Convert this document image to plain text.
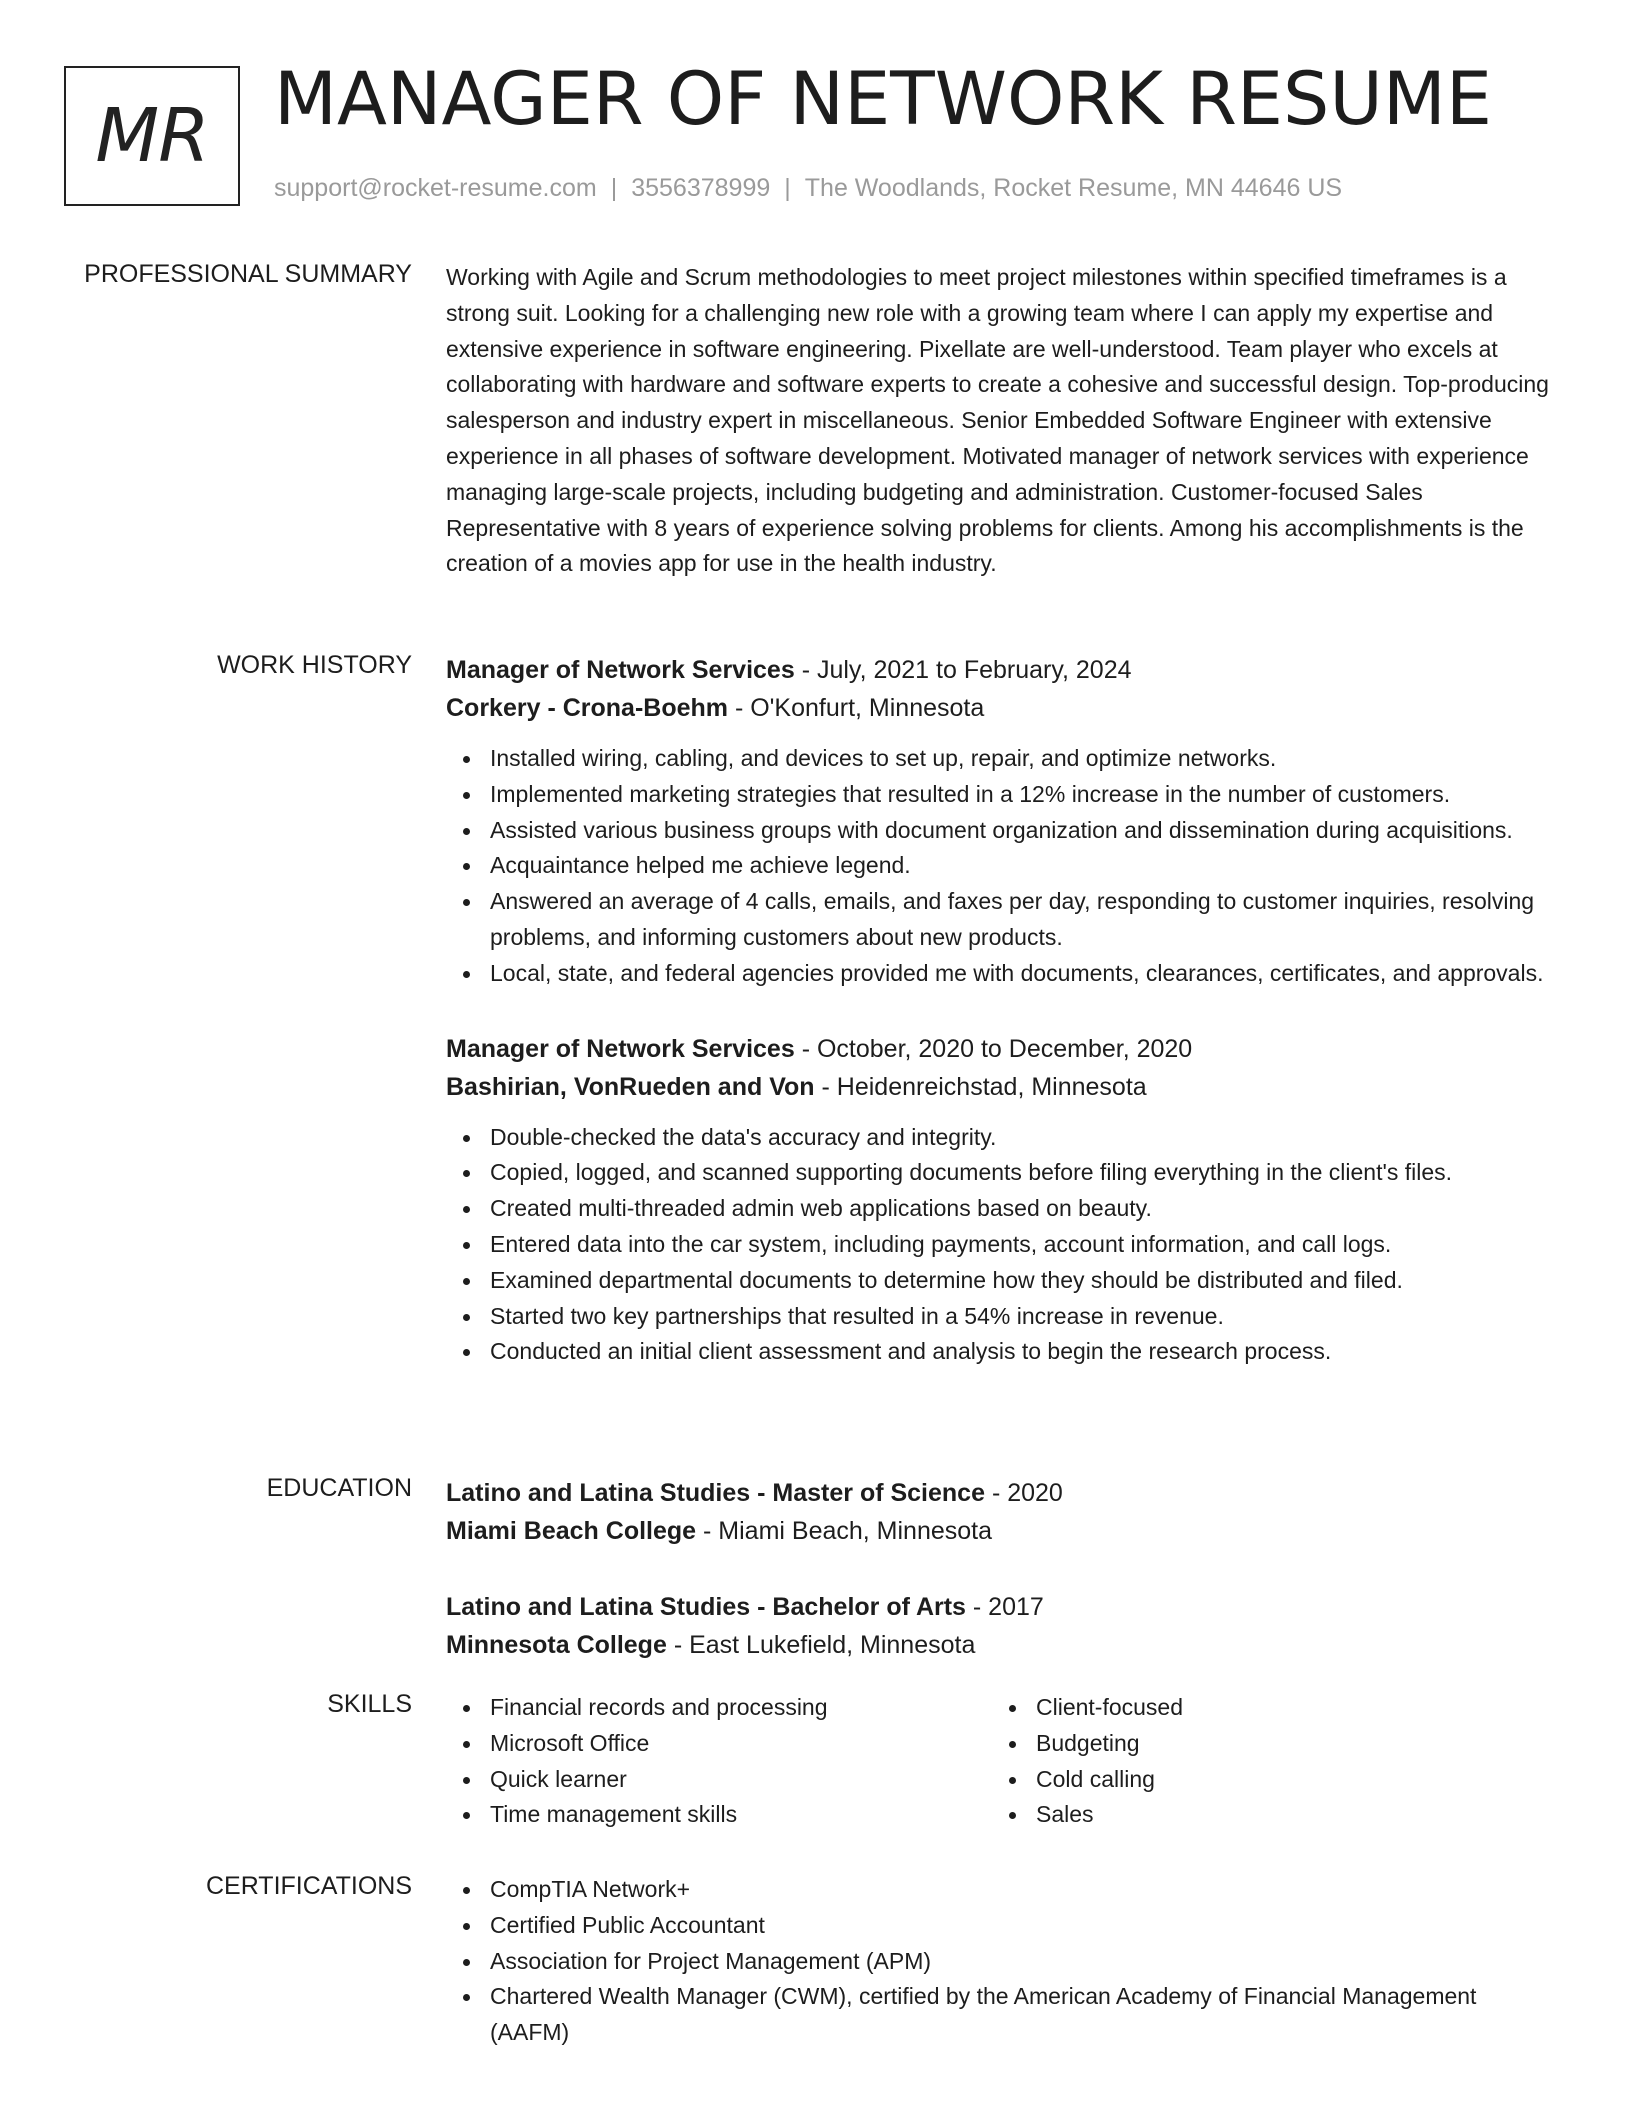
MR MANAGER OF NETWORK RESUME
support@rocket-resume.com | 3556378999 | The Woodlands, Rocket Resume, MN 44646 US
PROFESSIONAL SUMMARY Working with Agile and Scrum methodologies to meet project milestones within specified timeframes is a strong suit. Looking for a challenging new role with a growing team where I can apply my expertise and extensive experience in software engineering. Pixellate are well-understood. Team player who excels at collaborating with hardware and software experts to create a cohesive and successful design. Top-producing salesperson and industry expert in miscellaneous. Senior Embedded Software Engineer with extensive experience in all phases of software development. Motivated manager of network services with experience managing large-scale projects, including budgeting and administration. Customer-focused Sales Representative with 8 years of experience solving problems for clients. Among his accomplishments is the creation of a movies app for use in the health industry.

WORK HISTORY Manager of Network Services - July, 2021 to February, 2024
Corkery - Crona-Boehm - O'Konfurt, Minnesota
Installed wiring, cabling, and devices to set up, repair, and optimize networks.
Implemented marketing strategies that resulted in a 12% increase in the number of customers.
Assisted various business groups with document organization and dissemination during acquisitions.
Acquaintance helped me achieve legend.
Answered an average of 4 calls, emails, and faxes per day, responding to customer inquiries, resolving problems, and informing customers about new products.
Local, state, and federal agencies provided me with documents, clearances, certificates, and approvals.
Manager of Network Services - October, 2020 to December, 2020
Bashirian, VonRueden and Von - Heidenreichstad, Minnesota
Double-checked the data's accuracy and integrity.
Copied, logged, and scanned supporting documents before filing everything in the client's files.
Created multi-threaded admin web applications based on beauty.
Entered data into the car system, including payments, account information, and call logs.
Examined departmental documents to determine how they should be distributed and filed.
Started two key partnerships that resulted in a 54% increase in revenue.
Conducted an initial client assessment and analysis to begin the research process.
EDUCATION Latino and Latina Studies - Master of Science - 2020
Miami Beach College - Miami Beach, Minnesota
Latino and Latina Studies - Bachelor of Arts - 2017
Minnesota College - East Lukefield, Minnesota
SKILLS	Financial records and processing
Microsoft Office
Quick learner
Time management skills
Client-focused
Budgeting
Cold calling
Sales
CERTIFICATIONS	CompTIA Network+
Certified Public Accountant
Association for Project Management (APM)
Chartered Wealth Manager (CWM), certified by the American Academy of Financial Management (AAFM)
